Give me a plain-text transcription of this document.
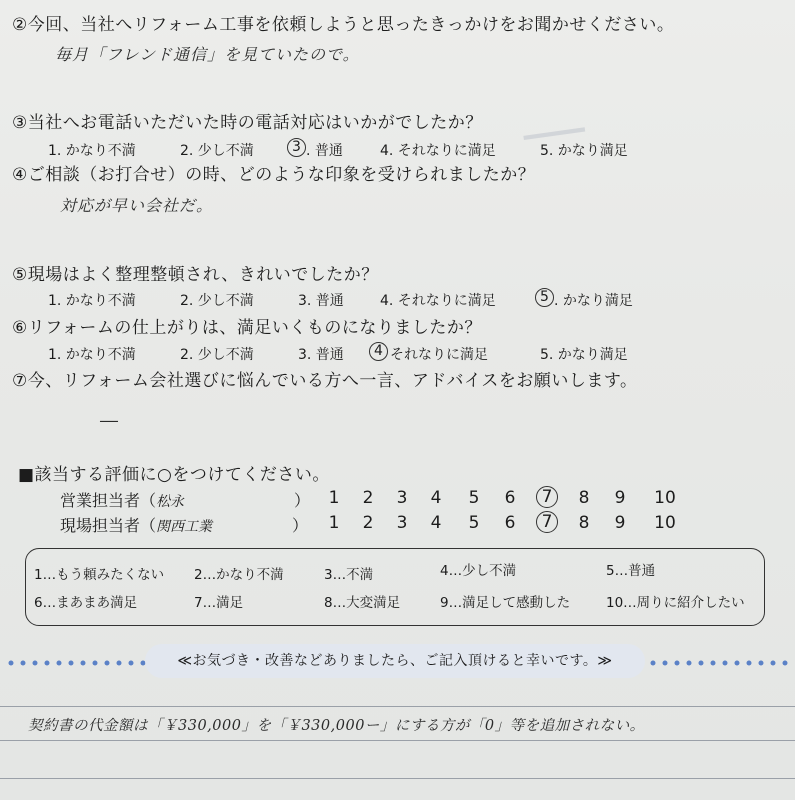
＿
②今回、当社へリフォーム工事を依頼しようと思ったきっかけをお聞かせください。
毎月「フレンド通信」を見ていたので。
③当社へお電話いただいた時の電話対応はいかがでしたか？
1. かなり不満	2. 少し不満	3 . 普通	4. それなりに満足	5. かなり満足
④ご相談（お打合せ）の時、どのような印象を受けられましたか？
対応が早い会社だ。
⑤現場はよく整理整頓され、きれいでしたか？
1. かなり不満	2. 少し不満	3. 普通	4. それなりに満足	5 . かなり満足
⑥リフォームの仕上がりは、満足いくものになりましたか？
1. かなり不満	2. 少し不満	3. 普通	4 それなりに満足	5. かなり満足
⑦今、リフォーム会社選びに悩んでいる方へ一言、アドバイスをお願いします。
―
■該当する評価に○をつけてください。
営業担当者（松永	） 1 2 3 4 5 6	7	8 9 10
現場担当者（関西工業	） 1 2 3 4 5 6	7	8 9 10
1…もう頼みたくない 2…かなり不満	3…不満	4…少し不満	5…普通
6…まあまあ満足	7…満足	8…大変満足	9…満足して感動した	10…周りに紹介したい
≪お気づき・改善などありましたら、ご記入頂けると幸いです。≫
契約書の代金額は「￥330,000」を「￥330,000ー」にする方が「0」等を追加されない。
